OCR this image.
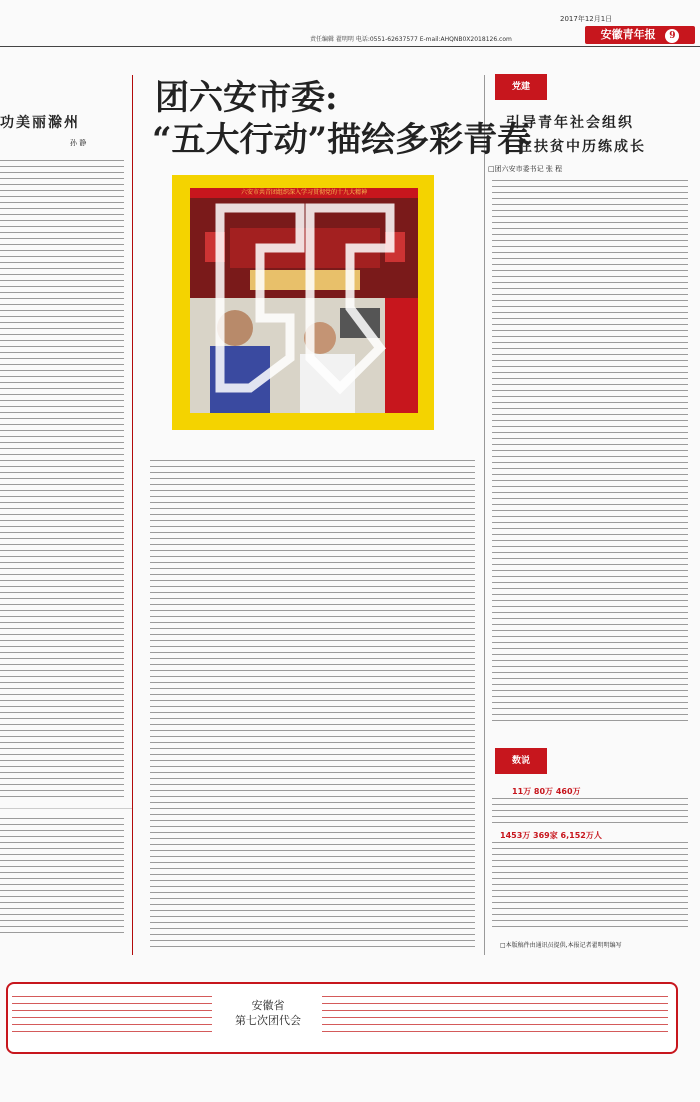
2017年12月1日
责任编辑 翟明明 电话:0551-62637577 E-mail:AHQNB0X2018126.com	安徽青年报 9
功美丽滁州
孙 静
团六安市委:
“五大行动”描绘多彩青春
六安市共青团组织深入学习贯彻党的十九大精神
党建
引导青年社会组织
在扶贫中历练成长
□团六安市委书记 张 程
数说
11万 80万 460万
1453万 369家 6,152万人
□本版稿件由通讯员提供,本报记者翟明明编写
安徽省
第七次团代会
